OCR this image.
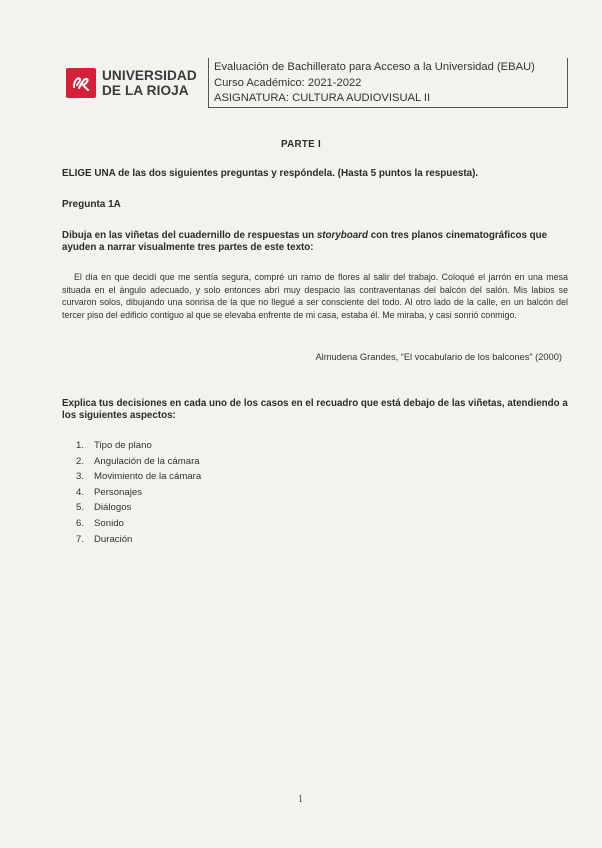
UNIVERSIDAD
DE LA RIOJA
Evaluación de Bachillerato para Acceso a la Universidad (EBAU)
Curso Académico: 2021-2022
ASIGNATURA: CULTURA AUDIOVISUAL II
PARTE I
ELIGE UNA de las dos siguientes preguntas y respóndela. (Hasta 5 puntos la respuesta).
Pregunta 1A
Dibuja en las viñetas del cuadernillo de respuestas un storyboard con tres planos cinematográficos que ayuden a narrar visualmente tres partes de este texto:

El día en que decidí que me sentía segura, compré un ramo de flores al salir del trabajo. Coloqué el jarrón en una mesa situada en el ángulo adecuado, y solo entonces abrí muy despacio las contraventanas del balcón del salón. Mis labios se curvaron solos, dibujando una sonrisa de la que no llegué a ser consciente del todo. Al otro lado de la calle, en un balcón del tercer piso del edificio contiguo al que se elevaba enfrente de mi casa, estaba él. Me miraba, y casi sonrió conmigo.

Almudena Grandes, “El vocabulario de los balcones” (2000)
Explica tus decisiones en cada uno de los casos en el recuadro que está debajo de las viñetas, atendiendo a los siguientes aspectos:
1. Tipo de plano
2. Angulación de la cámara
3. Movimiento de la cámara
4. Personajes
5. Diálogos
6. Sonido
7. Duración
1
